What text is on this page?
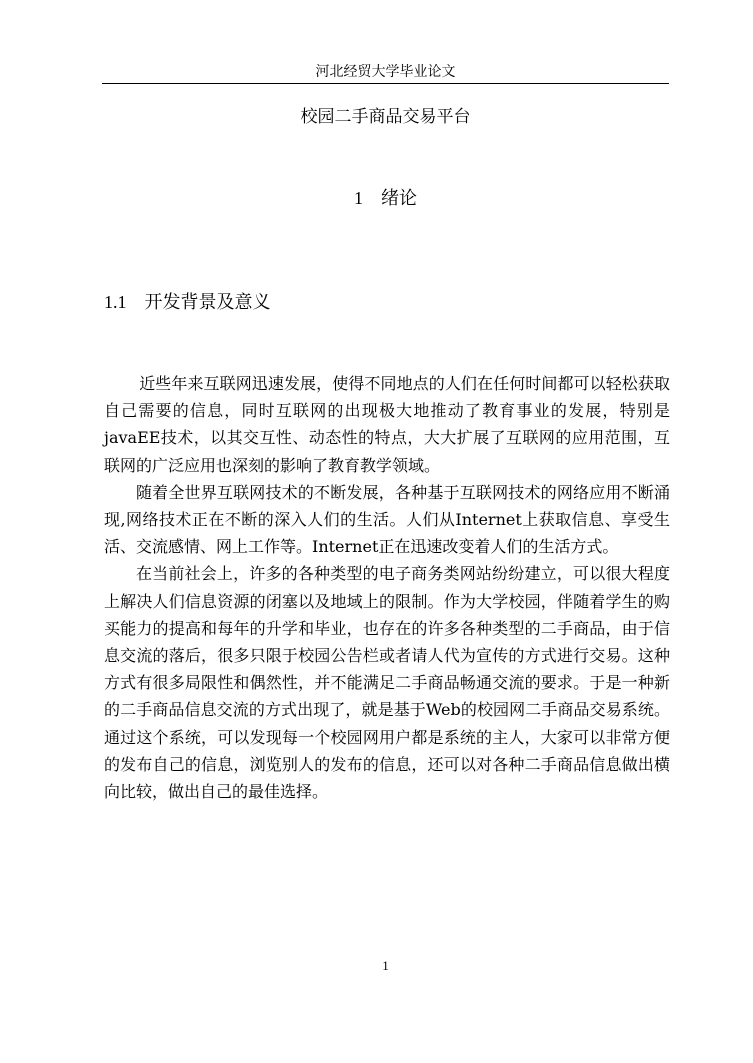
河北经贸大学毕业论文
校园二手商品交易平台
1 绪论
1.1 开发背景及意义

近些年来互联网迅速发展，使得不同地点的人们在任何时间都可以轻松获取自己需要的信息，同时互联网的出现极大地推动了教育事业的发展，特别是javaEE技术，以其交互性、动态性的特点，大大扩展了互联网的应用范围，互联网的广泛应用也深刻的影响了教育教学领域。

随着全世界互联网技术的不断发展，各种基于互联网技术的网络应用不断涌现,网络技术正在不断的深入人们的生活。人们从Internet上获取信息、享受生活、交流感情、网上工作等。Internet正在迅速改变着人们的生活方式。

在当前社会上，许多的各种类型的电子商务类网站纷纷建立，可以很大程度上解决人们信息资源的闭塞以及地域上的限制。作为大学校园，伴随着学生的购买能力的提高和每年的升学和毕业，也存在的许多各种类型的二手商品，由于信息交流的落后，很多只限于校园公告栏或者请人代为宣传的方式进行交易。这种方式有很多局限性和偶然性，并不能满足二手商品畅通交流的要求。于是一种新的二手商品信息交流的方式出现了，就是基于Web的校园网二手商品交易系统。通过这个系统，可以发现每一个校园网用户都是系统的主人，大家可以非常方便的发布自己的信息，浏览别人的发布的信息，还可以对各种二手商品信息做出横向比较，做出自己的最佳选择。

1
